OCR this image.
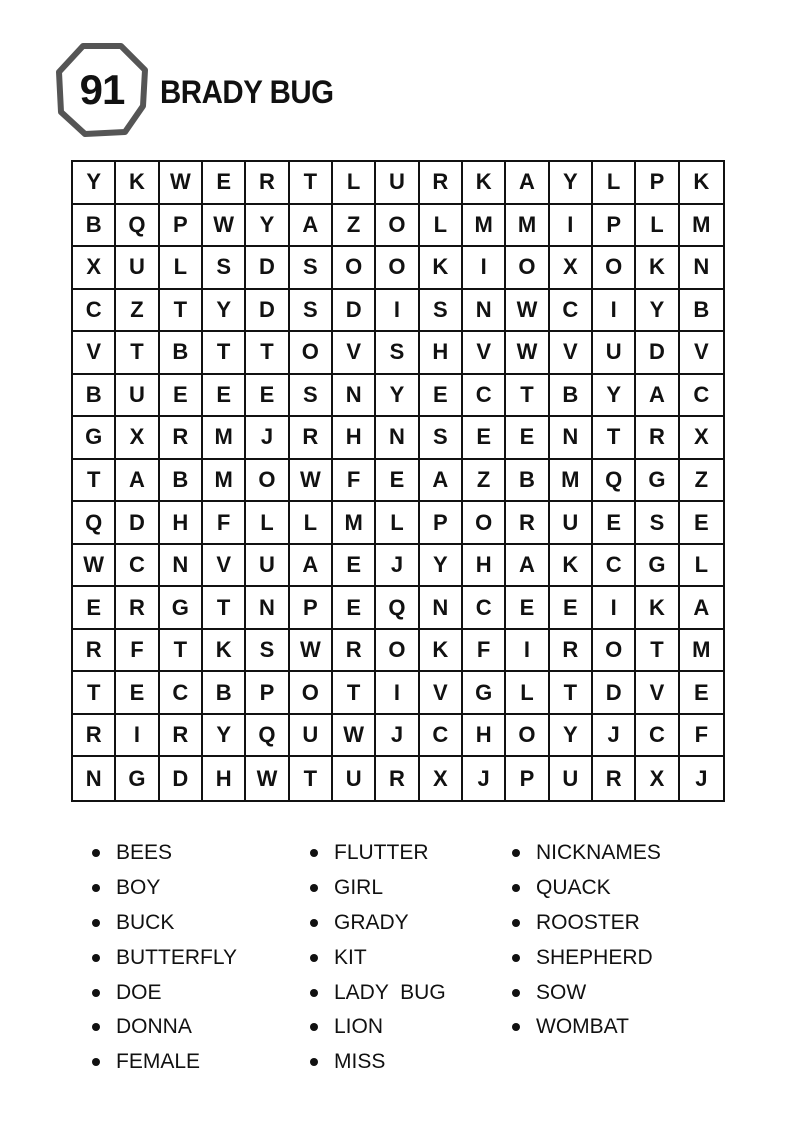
91	BRADY BUG
Y	K	W	E	R	T	L	U	R	K	A	Y	L	P	K
B	Q	P	W	Y	A	Z	O	L	M	M	I	P	L	M
X	U	L	S	D	S	O	O	K	I	O	X	O	K	N
C	Z	T	Y	D	S	D	I	S	N	W	C	I	Y	B
V	T	B	T	T	O	V	S	H	V	W	V	U	D	V
B	U	E	E	E	S	N	Y	E	C	T	B	Y	A	C
G	X	R	M	J	R	H	N	S	E	E	N	T	R	X
T	A	B	M	O	W	F	E	A	Z	B	M	Q	G	Z
Q	D	H	F	L	L	M	L	P	O	R	U	E	S	E
W	C	N	V	U	A	E	J	Y	H	A	K	C	G	L
E	R	G	T	N	P	E	Q	N	C	E	E	I	K	A
R	F	T	K	S	W	R	O	K	F	I	R	O	T	M
T	E	C	B	P	O	T	I	V	G	L	T	D	V	E
R	I	R	Y	Q	U	W	J	C	H	O	Y	J	C	F
N	G	D	H	W	T	U	R	X	J	P	U	R	X	J
BEES
BOY
BUCK
BUTTERFLY
DOE
DONNA
FEMALE
FLUTTER
GIRL
GRADY
KIT
LADY  BUG
LION
MISS
NICKNAMES
QUACK
ROOSTER
SHEPHERD
SOW
WOMBAT
